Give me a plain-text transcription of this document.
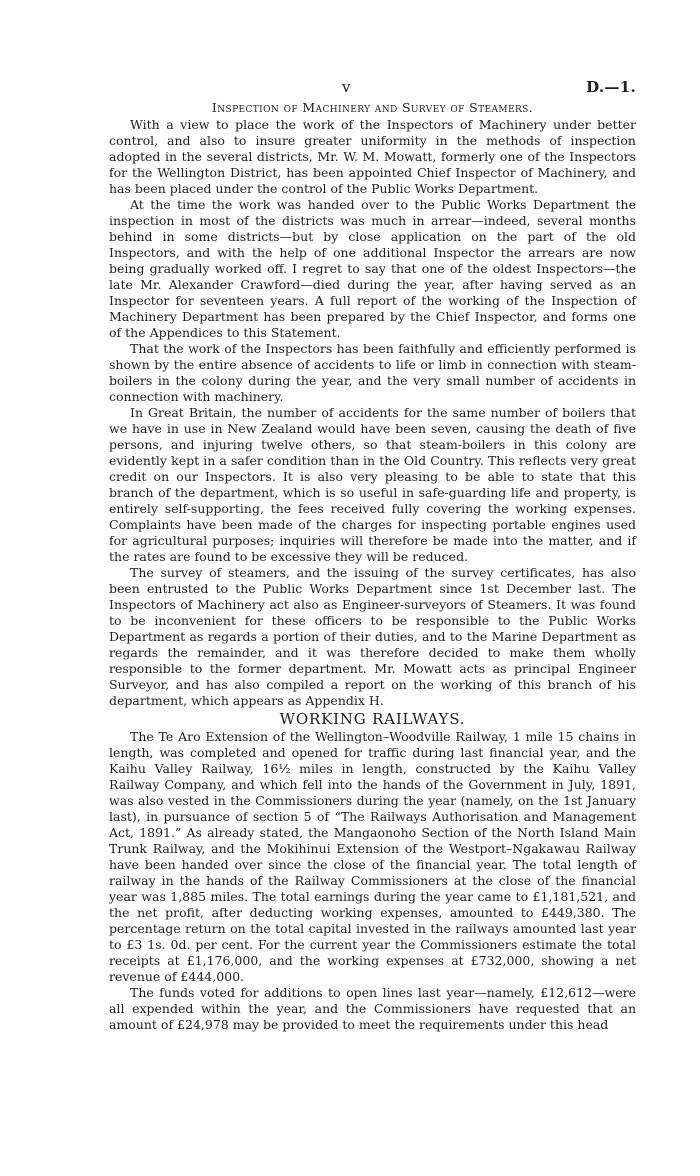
v	D.—1.
Inspection of Machinery and Survey of Steamers.

With a view to place the work of the Inspectors of Machinery under better control, and also to insure greater uniformity in the methods of inspection adopted in the several districts, Mr. W. M. Mowatt, formerly one of the Inspectors for the Wellington District, has been appointed Chief Inspector of Machinery, and has been placed under the control of the Public Works Department.

At the time the work was handed over to the Public Works Department the inspection in most of the districts was much in arrear—indeed, several months behind in some districts—but by close application on the part of the old Inspectors, and with the help of one additional Inspector the arrears are now being gradually worked off. I regret to say that one of the oldest Inspectors—the late Mr. Alexander Crawford—died during the year, after having served as an Inspector for seventeen years. A full report of the working of the Inspection of Machinery Department has been prepared by the Chief Inspector, and forms one of the Appendices to this Statement.

That the work of the Inspectors has been faithfully and efficiently performed is shown by the entire absence of accidents to life or limb in connection with steam-boilers in the colony during the year, and the very small number of accidents in connection with machinery.

In Great Britain, the number of accidents for the same number of boilers that we have in use in New Zealand would have been seven, causing the death of five persons, and injuring twelve others, so that steam-boilers in this colony are evidently kept in a safer condition than in the Old Country. This reflects very great credit on our Inspectors. It is also very pleasing to be able to state that this branch of the department, which is so useful in safe-guarding life and property, is entirely self-supporting, the fees received fully covering the working expenses. Complaints have been made of the charges for inspecting portable engines used for agricultural purposes; inquiries will therefore be made into the matter, and if the rates are found to be excessive they will be reduced.

The survey of steamers, and the issuing of the survey certificates, has also been entrusted to the Public Works Department since 1st December last. The Inspectors of Machinery act also as Engineer-surveyors of Steamers. It was found to be inconvenient for these officers to be responsible to the Public Works Department as regards a portion of their duties, and to the Marine Department as regards the remainder, and it was therefore decided to make them wholly responsible to the former department. Mr. Mowatt acts as principal Engineer Surveyor, and has also compiled a report on the working of this branch of his department, which appears as Appendix H.

WORKING RAILWAYS.

The Te Aro Extension of the Wellington–Woodville Railway, 1 mile 15 chains in length, was completed and opened for traffic during last financial year, and the Kaihu Valley Railway, 16½ miles in length, constructed by the Kaihu Valley Railway Company, and which fell into the hands of the Government in July, 1891, was also vested in the Commissioners during the year (namely, on the 1st January last), in pursuance of section 5 of “The Railways Authorisation and Management Act, 1891.” As already stated, the Mangaonoho Section of the North Island Main Trunk Railway, and the Mokihinui Extension of the Westport–Ngakawau Railway have been handed over since the close of the financial year. The total length of railway in the hands of the Railway Commissioners at the close of the financial year was 1,885 miles. The total earnings during the year came to £1,181,521, and the net profit, after deducting working expenses, amounted to £449,380. The percentage return on the total capital invested in the railways amounted last year to £3 1s. 0d. per cent. For the current year the Commissioners estimate the total receipts at £1,176,000, and the working expenses at £732,000, showing a net revenue of £444,000.

The funds voted for additions to open lines last year—namely, £12,612—were all expended within the year, and the Commissioners have requested that an amount of £24,978 may be provided to meet the requirements under this head
